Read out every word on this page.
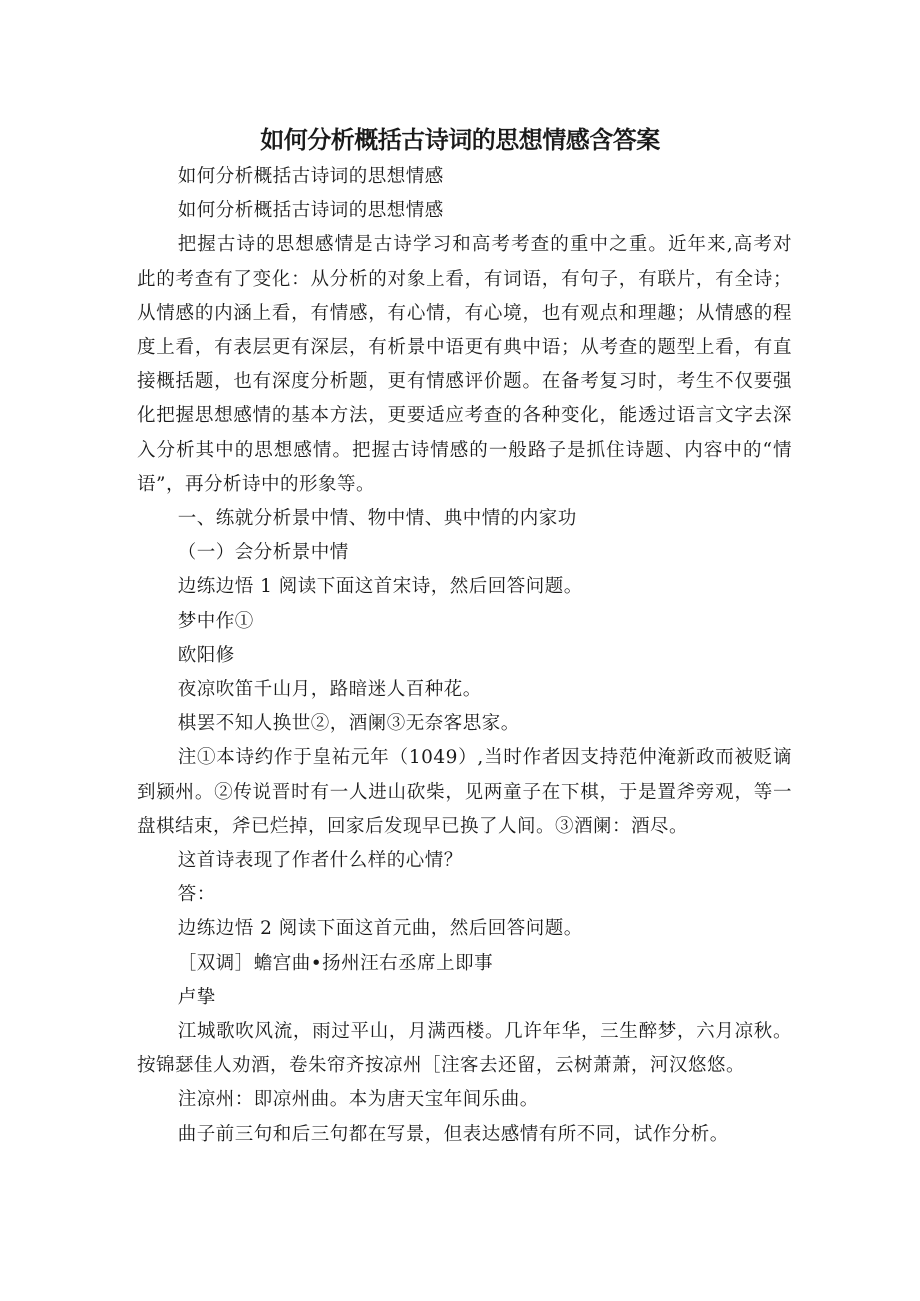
如何分析概括古诗词的思想情感含答案

如何分析概括古诗词的思想情感

如何分析概括古诗词的思想情感

把握古诗的思想感情是古诗学习和高考考查的重中之重。近年来,高考对此的考查有了变化：从分析的对象上看，有词语，有句子，有联片，有全诗；从情感的内涵上看，有情感，有心情，有心境，也有观点和理趣；从情感的程度上看，有表层更有深层，有析景中语更有典中语；从考查的题型上看，有直接概括题，也有深度分析题，更有情感评价题。在备考复习时，考生不仅要强化把握思想感情的基本方法，更要适应考查的各种变化，能透过语言文字去深入分析其中的思想感情。把握古诗情感的一般路子是抓住诗题、内容中的“情语”，再分析诗中的形象等。

一、练就分析景中情、物中情、典中情的内家功

（一）会分析景中情

边练边悟 1 阅读下面这首宋诗，然后回答问题。

梦中作①

欧阳修

夜凉吹笛千山月，路暗迷人百种花。

棋罢不知人换世②，酒阑③无奈客思家。

注①本诗约作于皇祐元年（1049）,当时作者因支持范仲淹新政而被贬谪到颍州。②传说晋时有一人进山砍柴，见两童子在下棋，于是置斧旁观，等一盘棋结束，斧已烂掉，回家后发现早已换了人间。③酒阑：酒尽。

这首诗表现了作者什么样的心情？

答：

边练边悟 2 阅读下面这首元曲，然后回答问题。

［双调］蟾宫曲•扬州汪右丞席上即事

卢挚

江城歌吹风流，雨过平山，月满西楼。几许年华，三生醉梦，六月凉秋。按锦瑟佳人劝酒，卷朱帘齐按凉州［注客去还留，云树萧萧，河汉悠悠。

注凉州：即凉州曲。本为唐天宝年间乐曲。

曲子前三句和后三句都在写景，但表达感情有所不同，试作分析。
